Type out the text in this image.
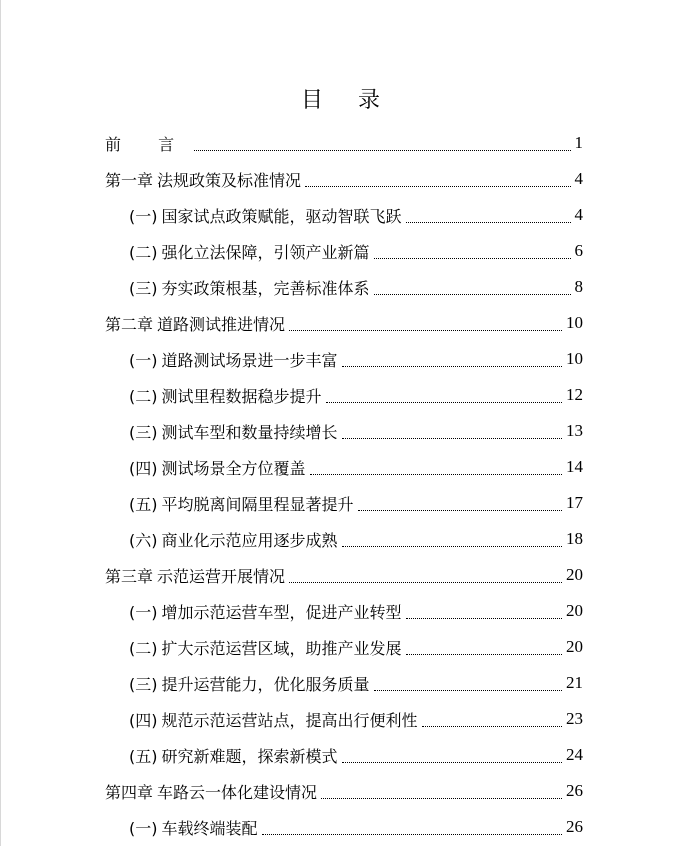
目 录
前 言	1
第一章 法规政策及标准情况	4
(一) 国家试点政策赋能，驱动智联飞跃	4
(二) 强化立法保障，引领产业新篇	6
(三) 夯实政策根基，完善标准体系	8
第二章 道路测试推进情况	10
(一) 道路测试场景进一步丰富	10
(二) 测试里程数据稳步提升	12
(三) 测试车型和数量持续增长	13
(四) 测试场景全方位覆盖	14
(五) 平均脱离间隔里程显著提升	17
(六) 商业化示范应用逐步成熟	18
第三章 示范运营开展情况	20
(一) 增加示范运营车型，促进产业转型	20
(二) 扩大示范运营区域，助推产业发展	20
(三) 提升运营能力，优化服务质量	21
(四) 规范示范运营站点，提高出行便利性	23
(五) 研究新难题，探索新模式	24
第四章 车路云一体化建设情况	26
(一) 车载终端装配	26
